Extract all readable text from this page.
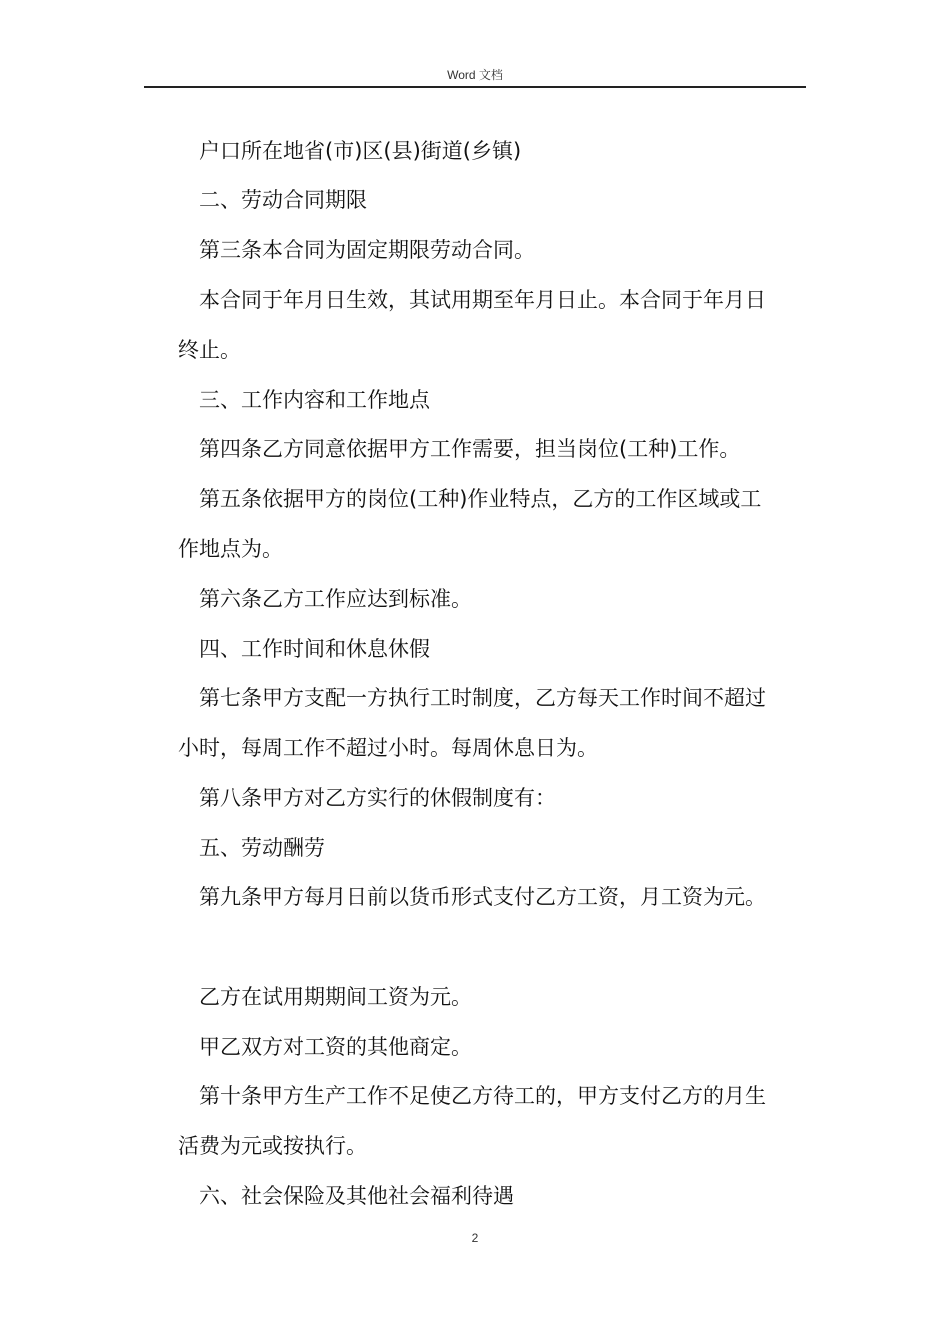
Word 文档
　户口所在地省(市)区(县)街道(乡镇)
　二、劳动合同期限
　第三条本合同为固定期限劳动合同。
　本合同于年月日生效，其试用期至年月日止。本合同于年月日
终止。
　三、工作内容和工作地点
　第四条乙方同意依据甲方工作需要，担当岗位(工种)工作。
　第五条依据甲方的岗位(工种)作业特点，乙方的工作区域或工
作地点为。
　第六条乙方工作应达到标准。
　四、工作时间和休息休假
　第七条甲方支配一方执行工时制度，乙方每天工作时间不超过
小时，每周工作不超过小时。每周休息日为。
　第八条甲方对乙方实行的休假制度有：
　五、劳动酬劳
　第九条甲方每月日前以货币形式支付乙方工资，月工资为元。
　乙方在试用期期间工资为元。
　甲乙双方对工资的其他商定。
　第十条甲方生产工作不足使乙方待工的，甲方支付乙方的月生
活费为元或按执行。
　六、社会保险及其他社会福利待遇
2
